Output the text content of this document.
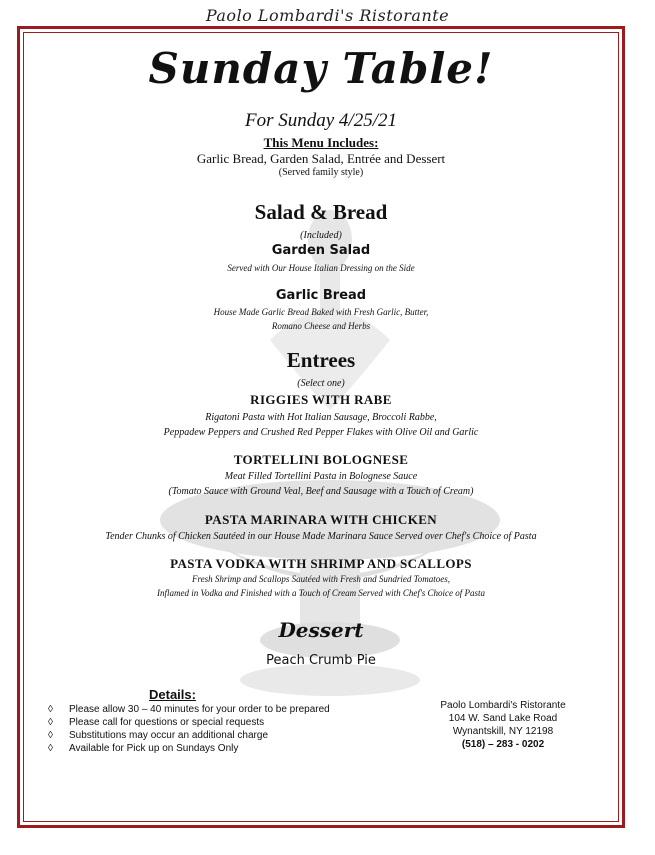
Paolo Lombardi's Ristorante
Sunday Table!
For Sunday 4/25/21
This Menu Includes:
Garlic Bread, Garden Salad, Entrée and Dessert
(Served family style)
Salad & Bread
(Included)
Garden Salad
Served with Our House Italian Dressing on the Side
Garlic Bread
House Made Garlic Bread Baked with Fresh Garlic, Butter,
Romano Cheese and Herbs
Entrees
(Select one)
RIGGIES WITH RABE
Rigatoni Pasta with Hot Italian Sausage, Broccoli Rabbe,
Peppadew Peppers and Crushed Red Pepper Flakes with Olive Oil and Garlic
TORTELLINI BOLOGNESE
Meat Filled Tortellini Pasta in Bolognese Sauce
(Tomato Sauce with Ground Veal, Beef and Sausage with a Touch of Cream)
PASTA MARINARA WITH CHICKEN
Tender Chunks of Chicken Sautéed in our House Made Marinara Sauce Served over Chef's Choice of Pasta
PASTA VODKA WITH SHRIMP AND SCALLOPS
Fresh Shrimp and Scallops Sautéed with Fresh and Sundried Tomatoes,
Inflamed in Vodka and Finished with a Touch of Cream Served with Chef's Choice of Pasta
Dessert
Peach Crumb Pie
Details:
◊	Please allow 30 – 40 minutes for your order to be prepared
◊	Please call for questions or special requests
◊	Substitutions may occur an additional charge
◊	Available for Pick up on Sundays Only
Paolo Lombardi's Ristorante
104 W. Sand Lake Road
Wynantskill, NY 12198
(518) – 283 - 0202
